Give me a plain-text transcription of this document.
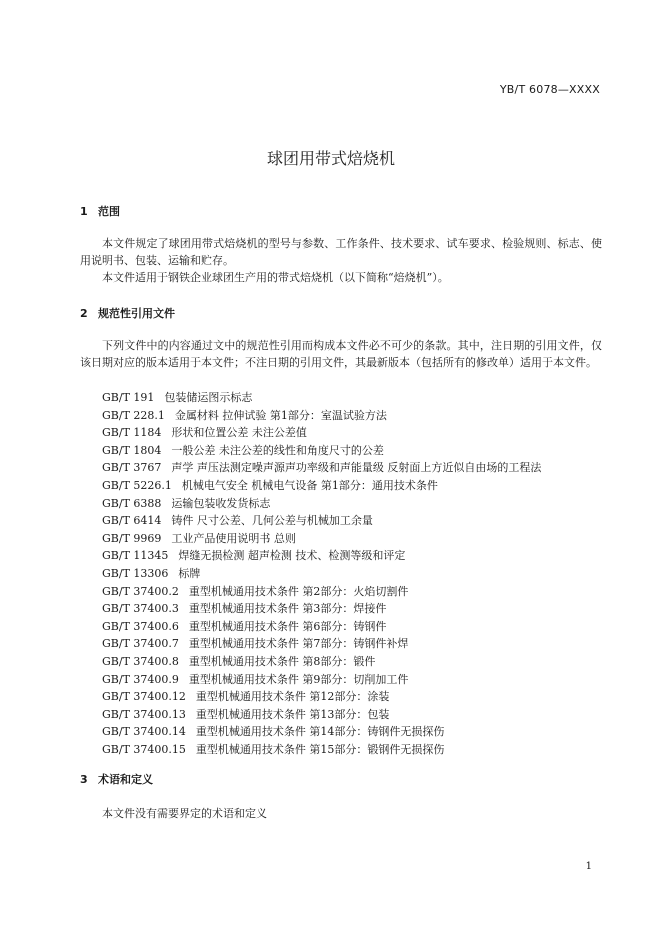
YB/T 6078—XXXX
球团用带式焙烧机
1 范围
本文件规定了球团用带式焙烧机的型号与参数、工作条件、技术要求、试车要求、检验规则、标志、使用说明书、包装、运输和贮存。
本文件适用于钢铁企业球团生产用的带式焙烧机（以下简称“焙烧机”）。
2 规范性引用文件
下列文件中的内容通过文中的规范性引用而构成本文件必不可少的条款。其中，注日期的引用文件，仅该日期对应的版本适用于本文件；不注日期的引用文件，其最新版本（包括所有的修改单）适用于本文件。
GB/T 191 包装储运图示标志
GB/T 228.1 金属材料 拉伸试验 第1部分：室温试验方法
GB/T 1184 形状和位置公差 未注公差值
GB/T 1804 一般公差 未注公差的线性和角度尺寸的公差
GB/T 3767 声学 声压法测定噪声源声功率级和声能量级 反射面上方近似自由场的工程法
GB/T 5226.1 机械电气安全 机械电气设备 第1部分：通用技术条件
GB/T 6388 运输包装收发货标志
GB/T 6414 铸件 尺寸公差、几何公差与机械加工余量
GB/T 9969 工业产品使用说明书 总则
GB/T 11345 焊缝无损检测 超声检测 技术、检测等级和评定
GB/T 13306 标牌
GB/T 37400.2 重型机械通用技术条件 第2部分：火焰切割件
GB/T 37400.3 重型机械通用技术条件 第3部分：焊接件
GB/T 37400.6 重型机械通用技术条件 第6部分：铸钢件
GB/T 37400.7 重型机械通用技术条件 第7部分：铸钢件补焊
GB/T 37400.8 重型机械通用技术条件 第8部分：锻件
GB/T 37400.9 重型机械通用技术条件 第9部分：切削加工件
GB/T 37400.12 重型机械通用技术条件 第12部分：涂装
GB/T 37400.13 重型机械通用技术条件 第13部分：包装
GB/T 37400.14 重型机械通用技术条件 第14部分：铸钢件无损探伤
GB/T 37400.15 重型机械通用技术条件 第15部分：锻钢件无损探伤
3 术语和定义
本文件没有需要界定的术语和定义
1
